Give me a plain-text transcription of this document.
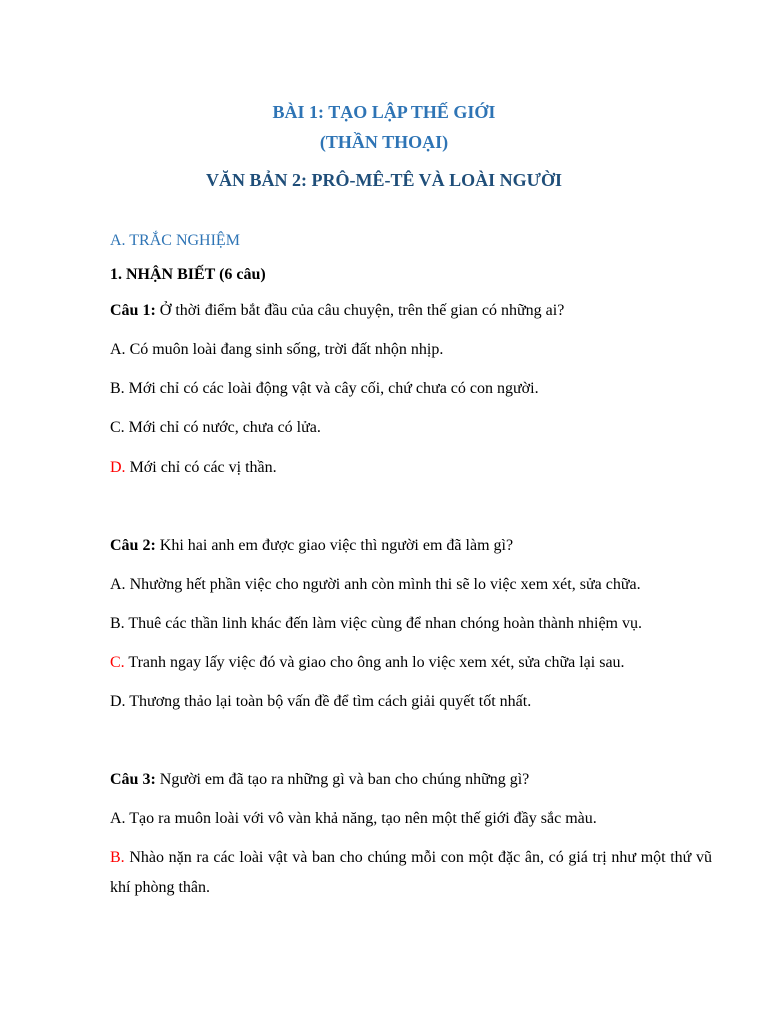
BÀI 1: TẠO LẬP THẾ GIỚI
(THẦN THOẠI)
VĂN BẢN 2: PRÔ-MÊ-TÊ VÀ LOÀI NGƯỜI
A. TRẮC NGHIỆM
1. NHẬN BIẾT (6 câu)
Câu 1: Ở thời điểm bắt đầu của câu chuyện, trên thế gian có những ai?
A. Có muôn loài đang sinh sống, trời đất nhộn nhịp.
B. Mới chỉ có các loài động vật và cây cối, chứ chưa có con người.
C. Mới chỉ có nước, chưa có lửa.
D. Mới chỉ có các vị thần.
Câu 2: Khi hai anh em được giao việc thì người em đã làm gì?
A. Nhường hết phần việc cho người anh còn mình thi sẽ lo việc xem xét, sửa chữa.
B. Thuê các thần linh khác đến làm việc cùng để nhan chóng hoàn thành nhiệm vụ.
C. Tranh ngay lấy việc đó và giao cho ông anh lo việc xem xét, sửa chữa lại sau.
D. Thương thảo lại toàn bộ vấn đề để tìm cách giải quyết tốt nhất.
Câu 3: Người em đã tạo ra những gì và ban cho chúng những gì?
A. Tạo ra muôn loài với vô vàn khả năng, tạo nên một thế giới đầy sắc màu.
B. Nhào nặn ra các loài vật và ban cho chúng mỗi con một đặc ân, có giá trị như một thứ vũ khí phòng thân.
